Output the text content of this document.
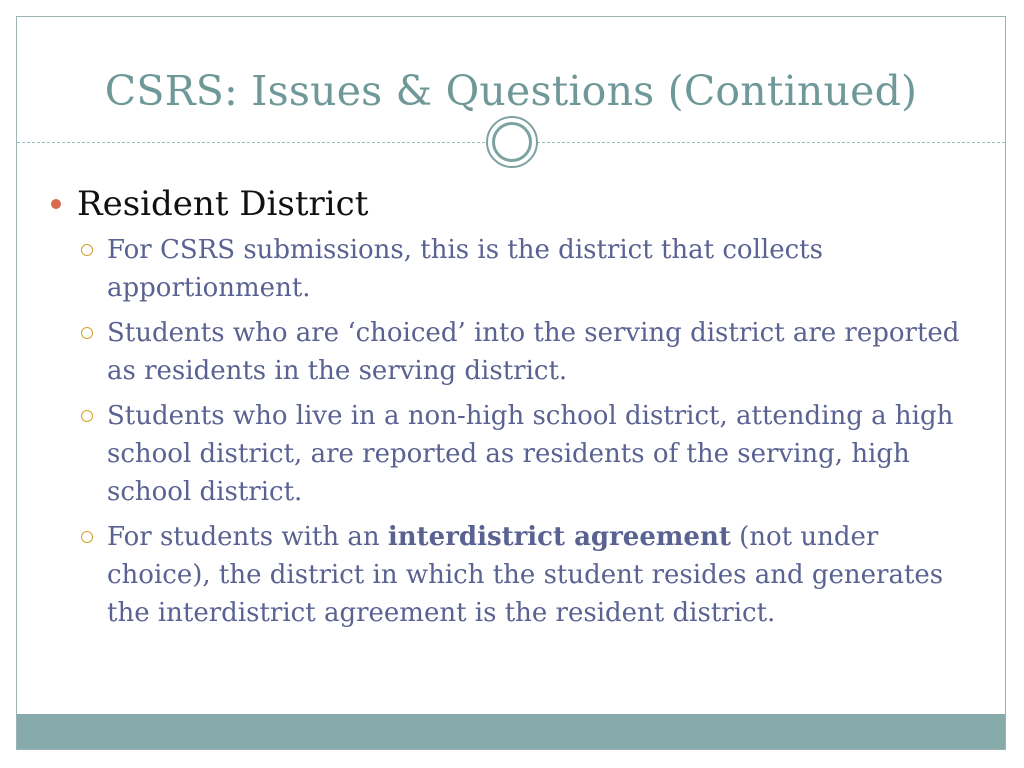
CSRS: Issues & Questions (Continued)
Resident District
For CSRS submissions, this is the district that collects apportionment.
Students who are ‘choiced’ into the serving district are reported as residents in the serving district.
Students who live in a non-high school district, attending a high school district, are reported as residents of the serving, high school district.
For students with an interdistrict agreement (not under choice), the district in which the student resides and generates the interdistrict agreement is the resident district.
